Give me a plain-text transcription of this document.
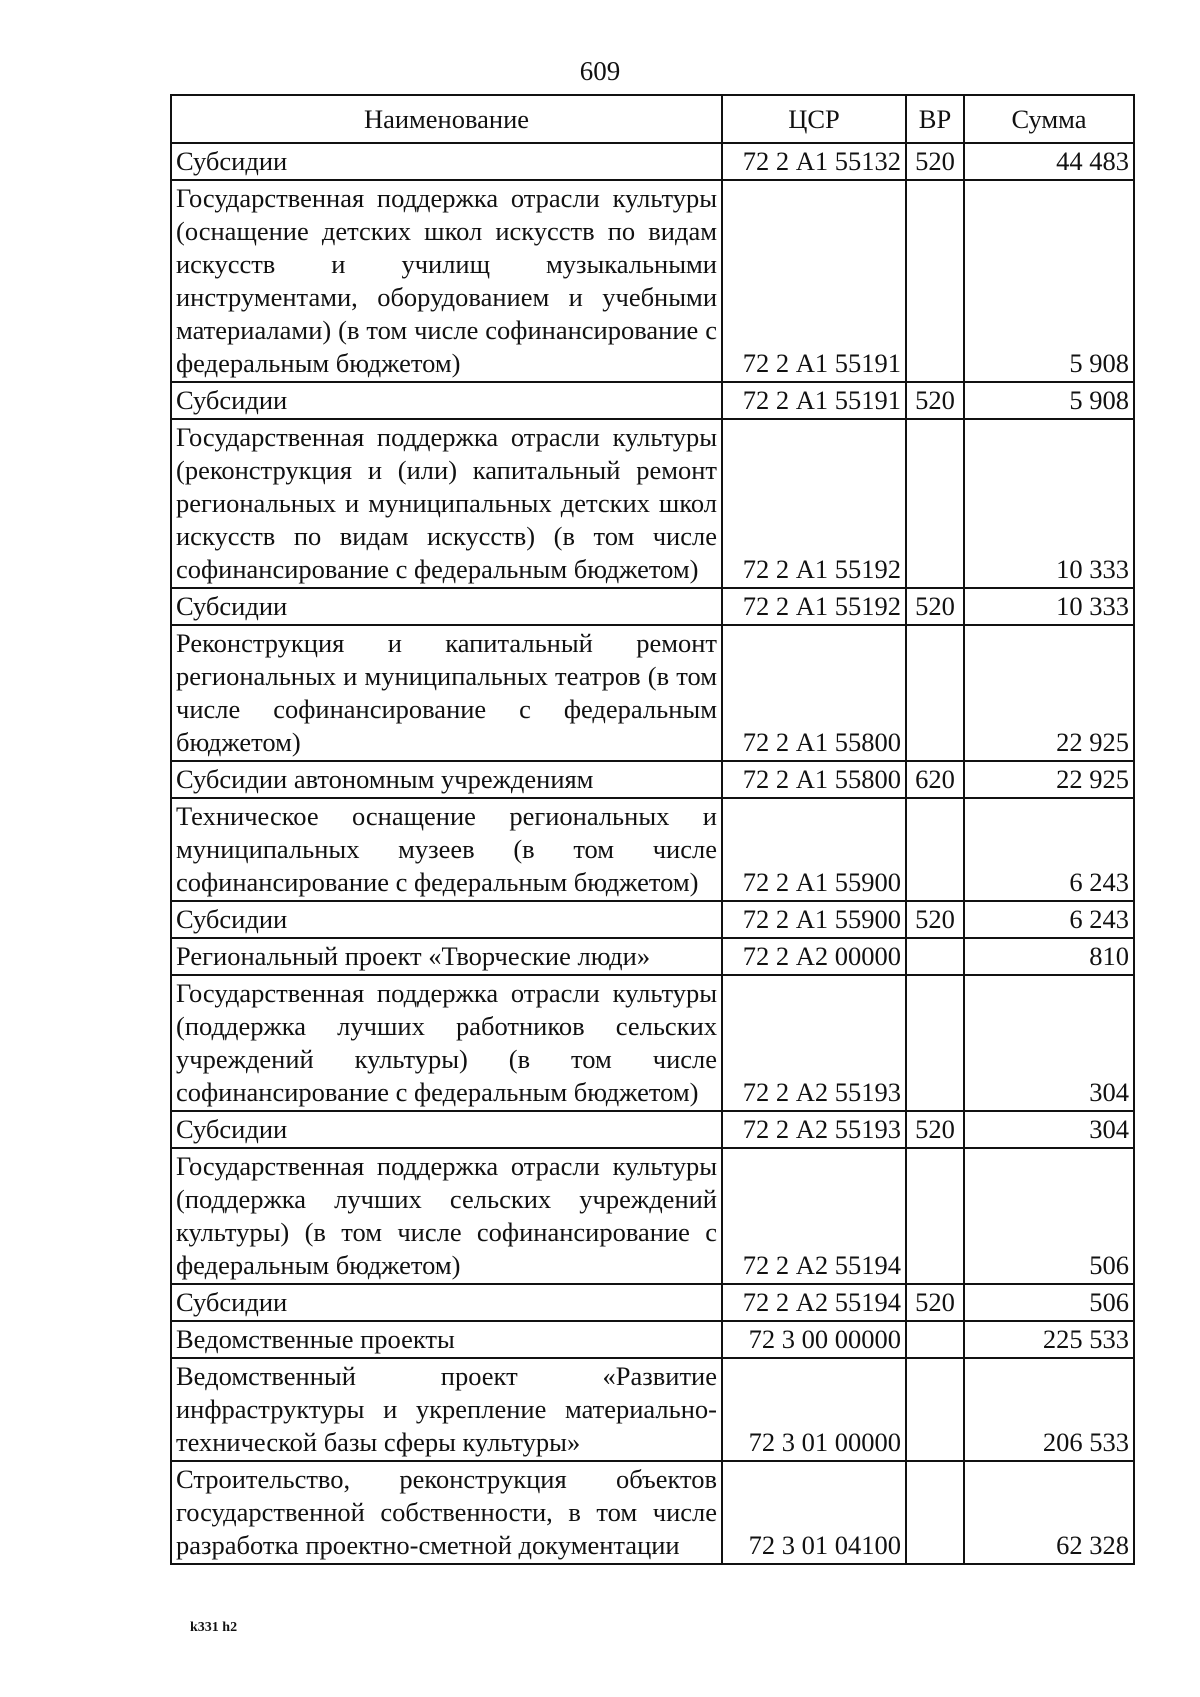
609
Наименование	ЦСР	ВР	Сумма
Субсидии	72 2 А1 55132	520	44 483
Государственная поддержка отрасли культуры (оснащение детских школ искусств по видам искусств и училищ музыкальными инструментами, оборудованием и учебными материалами) (в том числе софинансирование с федеральным бюджетом)	72 2 А1 55191		5 908
Субсидии	72 2 А1 55191	520	5 908
Государственная поддержка отрасли культуры (реконструкция и (или) капитальный ремонт региональных и муниципальных детских школ искусств по видам искусств) (в том числе софинансирование с федеральным бюджетом)	72 2 А1 55192		10 333
Субсидии	72 2 А1 55192	520	10 333
Реконструкция и капитальный ремонт региональных и муниципальных театров (в том числе софинансирование с федеральным бюджетом)	72 2 А1 55800		22 925
Субсидии автономным учреждениям	72 2 А1 55800	620	22 925
Техническое оснащение региональных и муниципальных музеев (в том числе софинансирование с федеральным бюджетом)	72 2 А1 55900		6 243
Субсидии	72 2 А1 55900	520	6 243
Региональный проект «Творческие люди»	72 2 А2 00000		810
Государственная поддержка отрасли культуры (поддержка лучших работников сельских учреждений культуры) (в том числе софинансирование с федеральным бюджетом)	72 2 А2 55193		304
Субсидии	72 2 А2 55193	520	304
Государственная поддержка отрасли культуры (поддержка лучших сельских учреждений культуры) (в том числе софинансирование с федеральным бюджетом)	72 2 А2 55194		506
Субсидии	72 2 А2 55194	520	506
Ведомственные проекты	72 3 00 00000		225 533
Ведомственный проект «Развитие инфраструктуры и укрепление материально-технической базы сферы культуры»	72 3 01 00000		206 533
Строительство, реконструкция объектов государственной собственности, в том числе разработка проектно-сметной документации	72 3 01 04100		62 328
k331 h2
